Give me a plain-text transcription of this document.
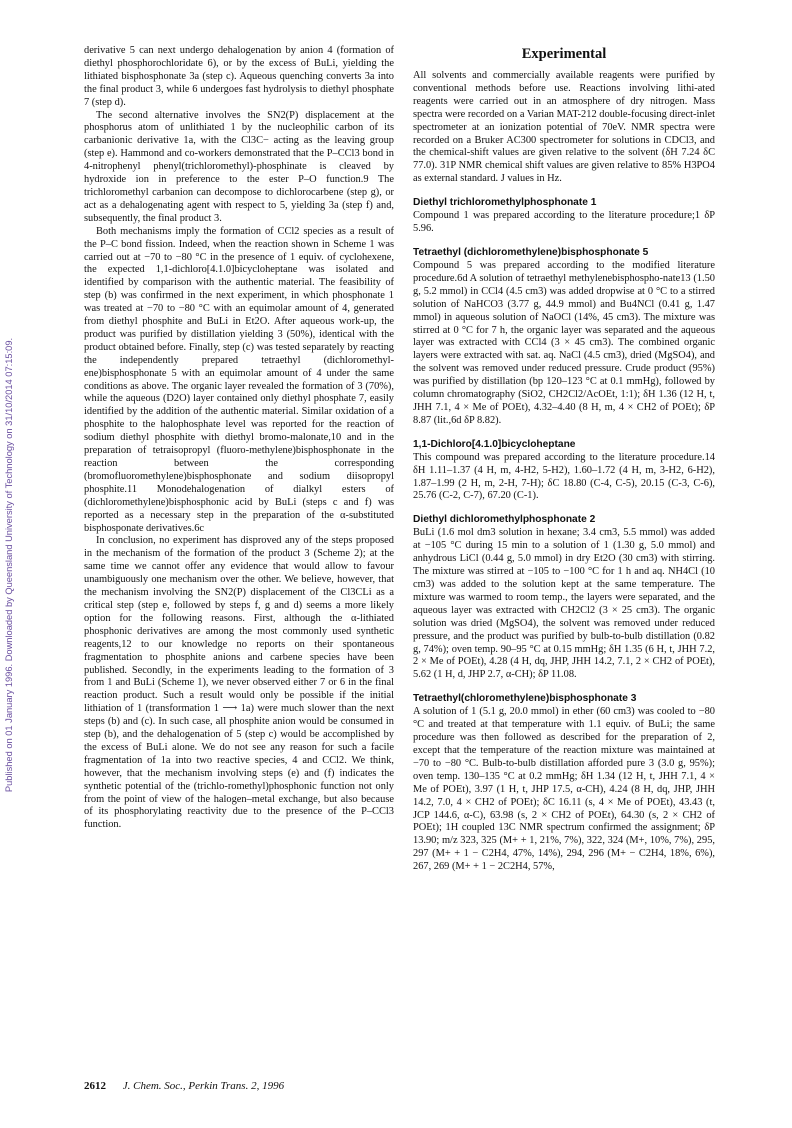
Published on 01 January 1996. Downloaded by Queensland University of Technology on 31/10/2014 07:15:09.

derivative 5 can next undergo dehalogenation by anion 4 (formation of diethyl phosphorochloridate 6), or by the excess of BuLi, yielding the lithiated bisphosphonate 3a (step c). Aqueous quenching converts 3a into the final product 3, while 6 undergoes fast hydrolysis to diethyl phosphate 7 (step d).

The second alternative involves the SN2(P) displacement at the phosphorus atom of unlithiated 1 by the nucleophilic carbon of its carbanionic derivative 1a, with the Cl3C− acting as the leaving group (step e). Hammond and co-workers demonstrated that the P–CCl3 bond in 4-nitrophenyl phenyl(trichloromethyl)-phosphinate is cleaved by hydroxide ion in preference to the ester P–O function.9 The trichloromethyl carbanion can decompose to dichlorocarbene (step g), or act as a dehalogenating agent with respect to 5, yielding 3a (step f) and, subsequently, the final product 3.

Both mechanisms imply the formation of CCl2 species as a result of the P–C bond fission. Indeed, when the reaction shown in Scheme 1 was carried out at −70 to −80 °C in the presence of 1 equiv. of cyclohexene, the expected 1,1-dichloro[4.1.0]bicycloheptane was isolated and identified by comparison with the authentic material. The feasibility of step (b) was confirmed in the next experiment, in which phosphonate 1 was treated at −70 to −80 °C with an equimolar amount of 4, generated from diethyl phosphite and BuLi in Et2O. After aqueous work-up, the product was purified by distillation yielding 3 (50%), identical with the product obtained before. Finally, step (c) was tested separately by reacting the independently prepared tetraethyl (dichloromethyl-ene)bisphosphonate 5 with an equimolar amount of 4 under the same conditions as above. The organic layer revealed the formation of 3 (70%), while the aqueous (D2O) layer contained only diethyl phosphate 7, easily identified by the addition of the authentic material. Similar oxidation of a phosphite to the halophosphate level was reported for the reaction of sodium diethyl phosphite with diethyl bromo-malonate,10 and in the preparation of tetraisopropyl (fluoro-methylene)bisphosphonate in the reaction between the corresponding (bromofluoromethylene)bisphosphonate and sodium diisopropyl phosphite.11 Monodehalogenation of dialkyl esters of (dichloromethylene)bisphosphonic acid by BuLi (steps c and f) was reported as a necessary step in the preparation of the α-substituted bisphosponate derivatives.6c

In conclusion, no experiment has disproved any of the steps proposed in the mechanism of the formation of the product 3 (Scheme 2); at the same time we cannot offer any evidence that would allow to favour unambiguously one mechanism over the other. We believe, however, that the mechanism involving the SN2(P) displacement of the Cl3CLi as a critical step (step e, followed by steps f, g and d) seems a more likely option for the following reasons. First, although the α-lithiated phosphonic derivatives are among the most commonly used synthetic reagents,12 to our knowledge no reports on their spontaneous fragmentation to phosphite anions and carbene species have been published. Secondly, in the experiments leading to the formation of 3 from 1 and BuLi (Scheme 1), we never observed either 7 or 6 in the final reaction product. Such a result would only be possible if the initial lithiation of 1 (transformation 1 ⟶ 1a) were much slower than the next steps (b) and (c). In such case, all phosphite anion would be consumed in step (b), and the dehalogenation of 5 (step c) would be accomplished by the excess of BuLi alone. We do not see any reason for such a facile fragmentation of 1a into two reactive species, 4 and CCl2. We think, however, that the mechanism involving steps (e) and (f) indicates the synthetic potential of the (trichlo-romethyl)phosphonic function not only from the point of view of the halogen–metal exchange, but also because of its phosphorylating reactivity due to the presence of the P–CCl3 function.

Experimental

All solvents and commercially available reagents were purified by conventional methods before use. Reactions involving lithi-ated reagents were carried out in an atmosphere of dry nitrogen. Mass spectra were recorded on a Varian MAT-212 double-focusing direct-inlet spectrometer at an ionization potential of 70eV. NMR spectra were recorded on a Bruker AC300 spectrometer for solutions in CDCl3, and the chemical-shift values are given relative to the solvent (δH 7.24 δC 77.0). 31P NMR chemical shift values are given relative to 85% H3PO4 as external standard. J values in Hz.

Diethyl trichloromethylphosphonate 1

Compound 1 was prepared according to the literature procedure;1 δP 5.96.

Tetraethyl (dichloromethylene)bisphosphonate 5

Compound 5 was prepared according to the modified literature procedure.6d A solution of tetraethyl methylenebisphospho-nate13 (1.50 g, 5.2 mmol) in CCl4 (4.5 cm3) was added dropwise at 0 °C to a stirred solution of NaHCO3 (3.77 g, 44.9 mmol) and Bu4NCl (0.41 g, 1.47 mmol) in aqueous solution of NaOCl (14%, 45 cm3). The mixture was stirred at 0 °C for 7 h, the organic layer was separated and the aqueous layer was extracted with CCl4 (3 × 45 cm3). The combined organic layers were extracted with sat. aq. NaCl (4.5 cm3), dried (MgSO4), and the solvent was removed under reduced pressure. Crude product (95%) was purified by distillation (bp 120–123 °C at 0.1 mmHg), followed by column chromatography (SiO2, CH2Cl2/AcOEt, 1:1); δH 1.36 (12 H, t, JHH 7.1, 4 × Me of POEt), 4.32–4.40 (8 H, m, 4 × CH2 of POEt); δP 8.87 (lit.,6d δP 8.82).

1,1-Dichloro[4.1.0]bicycloheptane

This compound was prepared according to the literature procedure.14 δH 1.11–1.37 (4 H, m, 4-H2, 5-H2), 1.60–1.72 (4 H, m, 3-H2, 6-H2), 1.87–1.99 (2 H, m, 2-H, 7-H); δC 18.80 (C-4, C-5), 20.15 (C-3, C-6), 25.76 (C-2, C-7), 67.20 (C-1).

Diethyl dichloromethylphosphonate 2

BuLi (1.6 mol dm3 solution in hexane; 3.4 cm3, 5.5 mmol) was added at −105 °C during 15 min to a solution of 1 (1.30 g, 5.0 mmol) and anhydrous LiCl (0.44 g, 5.0 mmol) in dry Et2O (30 cm3) with stirring. The mixture was stirred at −105 to −100 °C for 1 h and aq. NH4Cl (10 cm3) was added to the solution kept at the same temperature. The mixture was warmed to room temp., the layers were separated, and the aqueous layer was extracted with CH2Cl2 (3 × 25 cm3). The organic solution was dried (MgSO4), the solvent was removed under reduced pressure, and the product was purified by bulb-to-bulb distillation (0.82 g, 74%); oven temp. 90–95 °C at 0.15 mmHg; δH 1.35 (6 H, t, JHH 7.2, 2 × Me of POEt), 4.28 (4 H, dq, JHP, JHH 14.2, 7.1, 2 × CH2 of POEt), 5.62 (1 H, d, JHP 2.7, α-CH); δP 11.08.

Tetraethyl(chloromethylene)bisphosphonate 3

A solution of 1 (5.1 g, 20.0 mmol) in ether (60 cm3) was cooled to −80 °C and treated at that temperature with 1.1 equiv. of BuLi; the same procedure was then followed as described for the preparation of 2, except that the temperature of the reaction mixture was maintained at −70 to −80 °C. Bulb-to-bulb distillation afforded pure 3 (3.0 g, 95%); oven temp. 130–135 °C at 0.2 mmHg; δH 1.34 (12 H, t, JHH 7.1, 4 × Me of POEt), 3.97 (1 H, t, JHP 17.5, α-CH), 4.24 (8 H, dq, JHP, JHH 14.2, 7.0, 4 × CH2 of POEt); δC 16.11 (s, 4 × Me of POEt), 43.43 (t, JCP 144.6, α-C), 63.98 (s, 2 × CH2 of POEt), 64.30 (s, 2 × CH2 of POEt); 1H coupled 13C NMR spectrum confirmed the assignment; δP 13.90; m/z 323, 325 (M+ + 1, 21%, 7%), 322, 324 (M+, 10%, 7%), 295, 297 (M+ + 1 − C2H4, 47%, 14%), 294, 296 (M+ − C2H4, 18%, 6%), 267, 269 (M+ + 1 − 2C2H4, 57%,

2612 J. Chem. Soc., Perkin Trans. 2, 1996
